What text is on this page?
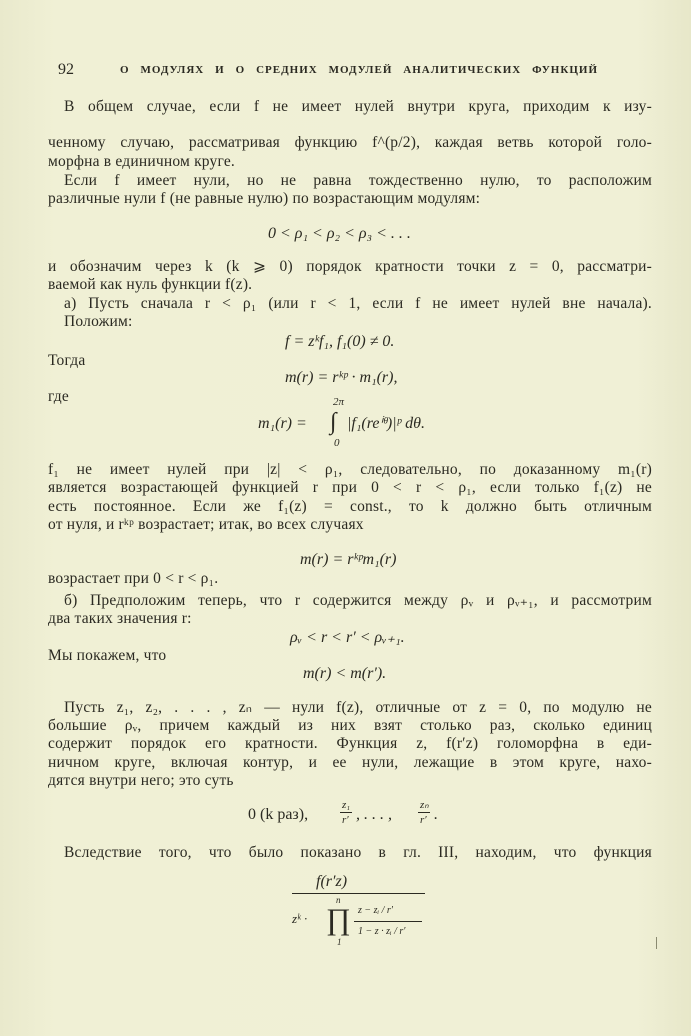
92	О МОДУЛЯХ И О СРЕДНИХ МОДУЛЕЙ АНАЛИТИЧЕСКИХ ФУНКЦИЙ
В общем случае, если f не имеет нулей внутри круга, приходим к изу-
ченному случаю, рассматривая функцию f^(p/2), каждая ветвь которой голо-
морфна в единичном круге.
Если f имеет нули, но не равна тождественно нулю, то расположим
различные нули f (не равные нулю) по возрастающим модулям:
0 < ρ₁ < ρ₂ < ρ₃ < . . .
и обозначим через k (k ⩾ 0) порядок кратности точки z = 0, рассматри-
ваемой как нуль функции f(z).
а) Пусть сначала r < ρ₁ (или r < 1, если f не имеет нулей вне начала).
Положим:
f = zᵏf₁, f₁(0) ≠ 0.
Тогда
m(r) = rᵏᵖ · m₁(r),
где	2π
m₁(r) = ∫ |f₁(reⁱᶿ)|ᵖ dθ.
0
f₁ не имеет нулей при |z| < ρ₁, следовательно, по доказанному m₁(r)
является возрастающей функцией r при 0 < r < ρ₁, если только f₁(z) не
есть постоянное. Если же f₁(z) = const., то k должно быть отличным
от нуля, и rᵏᵖ возрастает; итак, во всех случаях
m(r) = rᵏᵖm₁(r)
возрастает при 0 < r < ρ₁.
б) Предположим теперь, что r содержится между ρᵥ и ρᵥ₊₁, и рассмотрим
два таких значения r:
ρᵥ < r < r′ < ρᵥ₊₁.
Мы покажем, что
m(r) < m(r′).
Пусть z₁, z₂, . . . , zₙ — нули f(z), отличные от z = 0, по модулю не
большие ρᵥ, причем каждый из них взят столько раз, сколько единиц
содержит порядок его кратности. Функция z, f(r′z) голоморфна в еди-
ничном круге, включая контур, и ее нули, лежащие в этом круге, нахо-
дятся внутри него; это суть
0 (k раз),
z₁
r′ , . . . ,
zₙ
r′ .
Вследствие того, что было показано в гл. III, находим, что функция
f(r′z)
n
zᵏ · ∏
1
z − zᵢ / r′
1 − z · zᵢ / r′
